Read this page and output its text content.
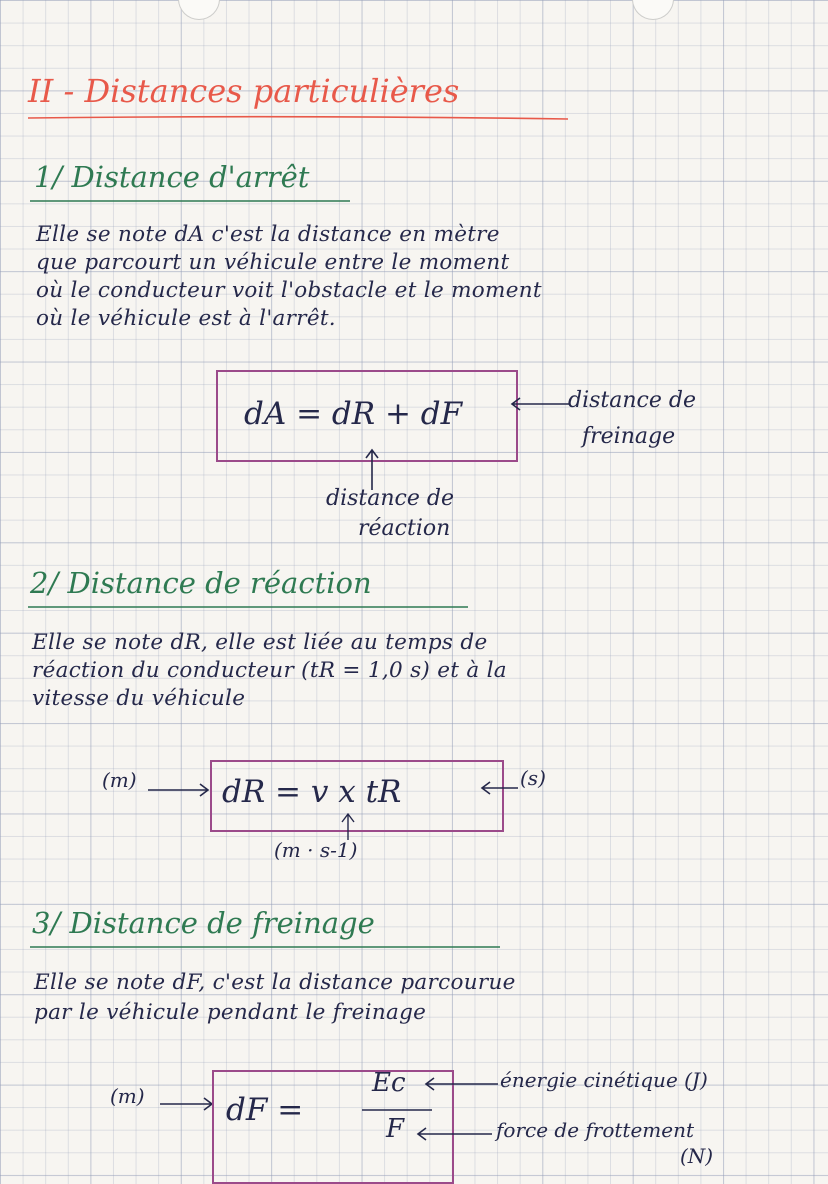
II - Distances particulières
1/ Distance d'arrêt
Elle se note dA c'est la distance en mètre
que parcourt un véhicule entre le moment
où le conducteur voit l'obstacle et le moment
où le véhicule est à l'arrêt.
dA = dR + dF	distance de
freinage
distance de
réaction
2/ Distance de réaction
Elle se note dR, elle est liée au temps de
réaction du conducteur (tR = 1,0 s) et à la
vitesse du véhicule
(m)	dR = v x tR	(s)
(m · s-1)
3/ Distance de freinage
Elle se note dF, c'est la distance parcourue
par le véhicule pendant le freinage
(m)	dF =
Ec
F
énergie cinétique (J)
force de frottement
(N)
